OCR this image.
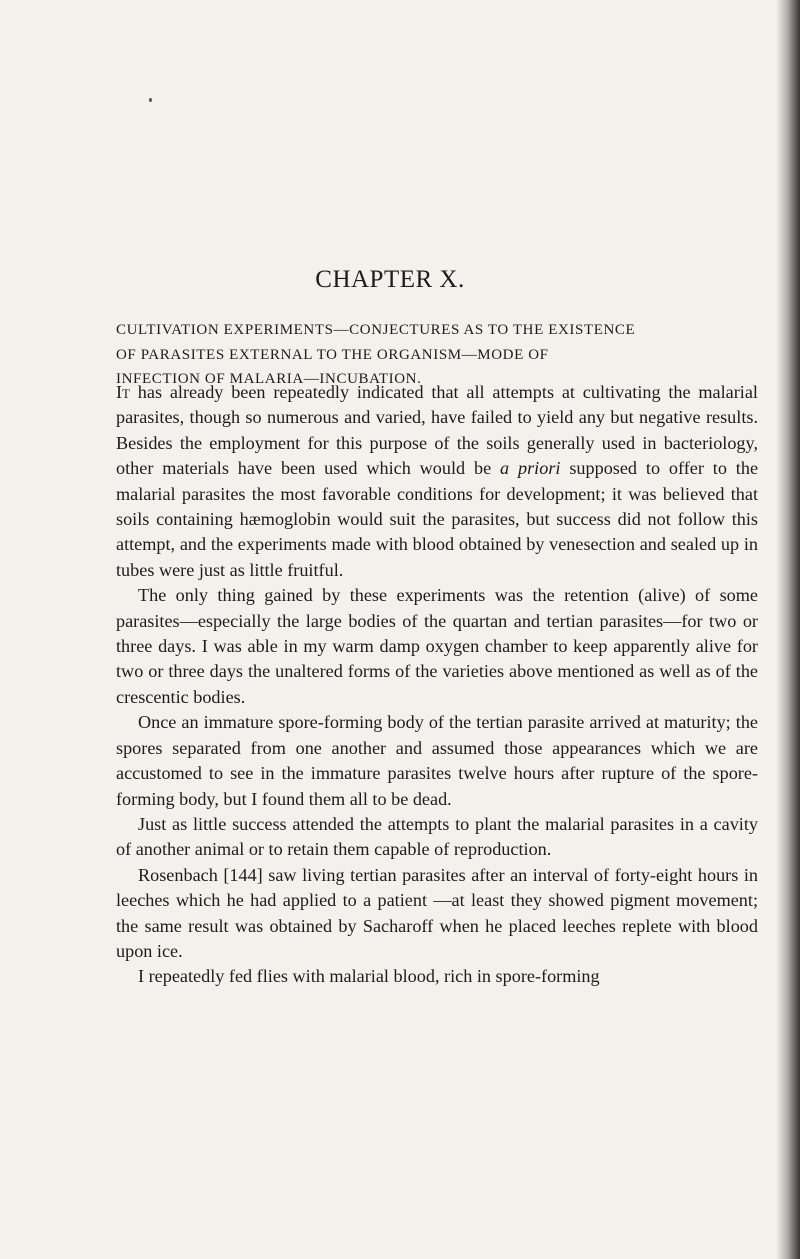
CHAPTER X.
CULTIVATION EXPERIMENTS—CONJECTURES AS TO THE EXISTENCE
OF PARASITES EXTERNAL TO THE ORGANISM—MODE OF
INFECTION OF MALARIA—INCUBATION.

It has already been repeatedly indicated that all attempts at cultivating the malarial parasites, though so numerous and varied, have failed to yield any but negative results. Besides the employment for this purpose of the soils generally used in bacteriology, other materials have been used which would be a priori supposed to offer to the malarial parasites the most favorable conditions for development; it was believed that soils containing hæmoglobin would suit the parasites, but success did not follow this attempt, and the experiments made with blood obtained by venesection and sealed up in tubes were just as little fruitful.

The only thing gained by these experiments was the retention (alive) of some parasites—especially the large bodies of the quartan and tertian parasites—for two or three days. I was able in my warm damp oxygen chamber to keep apparently alive for two or three days the unaltered forms of the varieties above mentioned as well as of the crescentic bodies.

Once an immature spore-forming body of the tertian parasite arrived at maturity; the spores separated from one another and assumed those appearances which we are accustomed to see in the immature parasites twelve hours after rupture of the spore-forming body, but I found them all to be dead.

Just as little success attended the attempts to plant the malarial parasites in a cavity of another animal or to retain them capable of reproduction.

Rosenbach [144] saw living tertian parasites after an interval of forty-eight hours in leeches which he had applied to a patient —at least they showed pigment movement; the same result was obtained by Sacharoff when he placed leeches replete with blood upon ice.

I repeatedly fed flies with malarial blood, rich in spore-forming
